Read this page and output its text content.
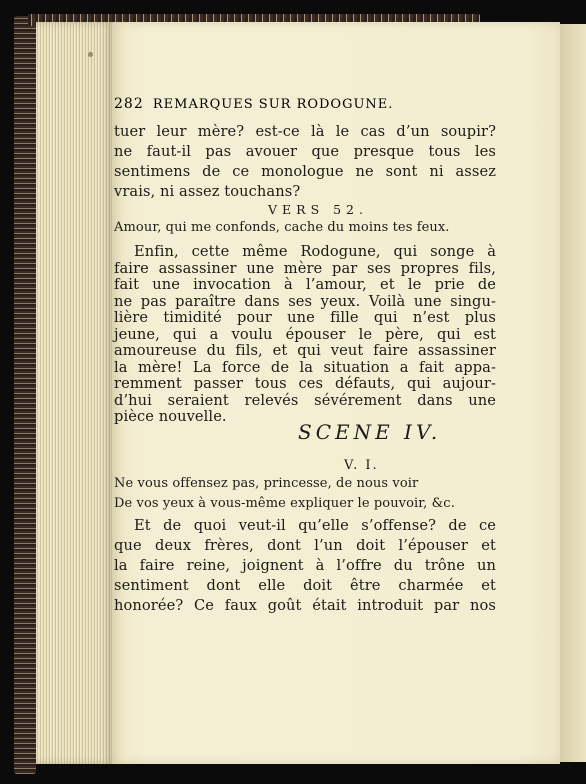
282 REMARQUES SUR RODOGUNE.
tuer leur mère? est-ce là le cas d’un soupir?
ne faut-il pas avouer que presque tous les
sentimens de ce monologue ne sont ni assez
vrais, ni assez touchans?
VERS 52.
Amour, qui me confonds, cache du moins tes feux.
Enfin, cette même Rodogune, qui songe à
faire assassiner une mère par ses propres fils,
fait une invocation à l’amour, et le prie de
ne pas paraître dans ses yeux. Voilà une singu-
lière timidité pour une fille qui n’est plus
jeune, qui a voulu épouser le père, qui est
amoureuse du fils, et qui veut faire assassiner
la mère! La force de la situation a fait appa-
remment passer tous ces défauts, qui aujour-
d’hui seraient relevés sévérement dans une
pièce nouvelle.
SCENE IV.
V. I.
Ne vous offensez pas, princesse, de nous voir
De vos yeux à vous-même expliquer le pouvoir, &c.
Et de quoi veut-il qu’elle s’offense? de ce
que deux frères, dont l’un doit l’épouser et
la faire reine, joignent à l’offre du trône un
sentiment dont elle doit être charmée et
honorée? Ce faux goût était introduit par nos
